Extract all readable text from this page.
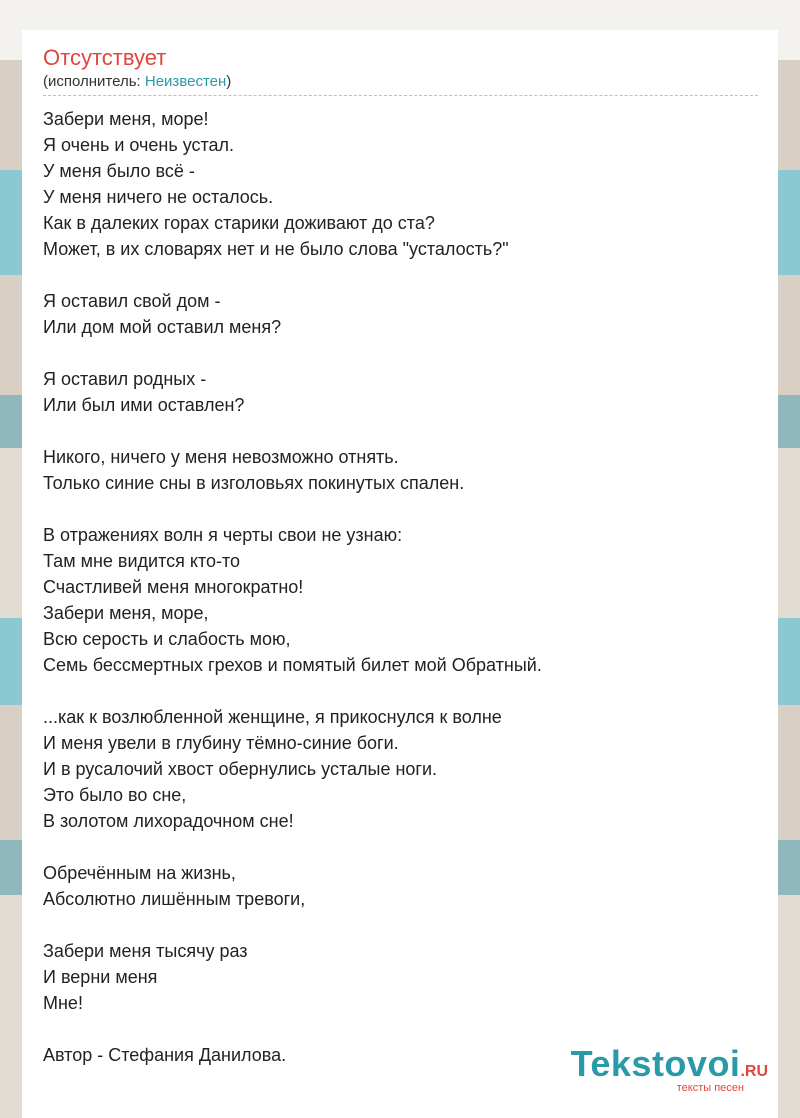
Отсутствует
(исполнитель: Неизвестен)
Забери меня, море!
Я очень и очень устал.
У меня было всё -
У меня ничего не осталось.
Как в далеких горах старики доживают до ста?
Может, в их словарях нет и не было слова "усталость?"
Я оставил свой дом -
Или дом мой оставил меня?
Я оставил родных -
Или был ими оставлен?
Никого, ничего у меня невозможно отнять.
Только синие сны в изголовьях покинутых спален.
В отражениях волн я черты свои не узнаю:
Там мне видится кто-то
Счастливей меня многократно!
Забери меня, море,
Всю серость и слабость мою,
Семь бессмертных грехов и помятый билет мой Обратный.
...как к возлюбленной женщине, я прикоснулся к волне
И меня увели в глубину тёмно-синие боги.
И в русалочий хвост обернулись усталые ноги.
Это было во сне,
В золотом лихорадочном сне!
Обречённым на жизнь,
Абсолютно лишённым тревоги,
Забери меня тысячу раз
И верни меня
Мне!
Автор - Стефания Данилова.	Tekstovoi.RU
тексты песен
